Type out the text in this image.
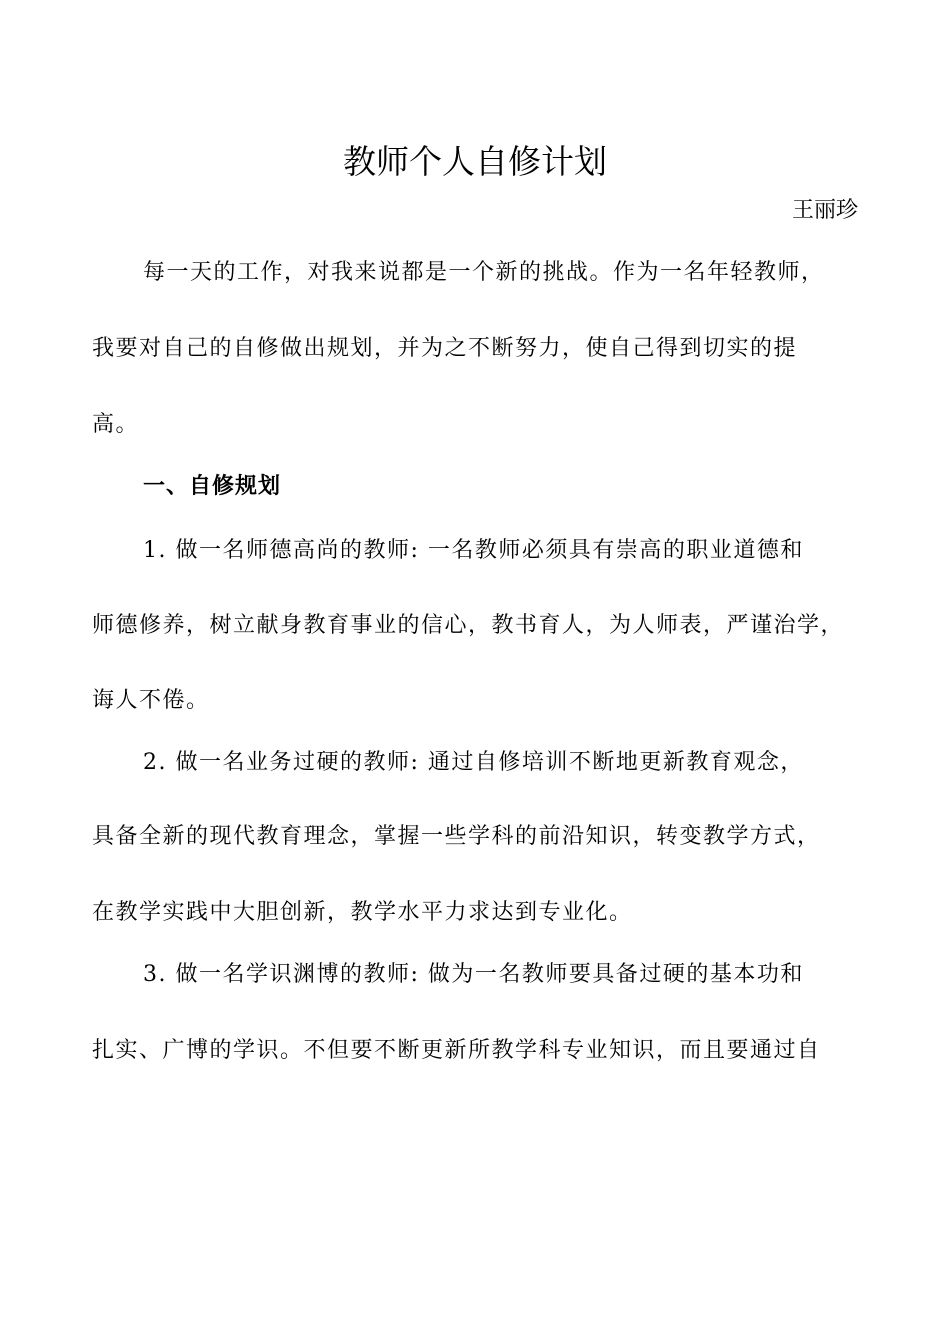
教师个人自修计划
王丽珍
每一天的工作，对我来说都是一个新的挑战。作为一名年轻教师，
我要对自己的自修做出规划，并为之不断努力，使自己得到切实的提
高。
一、自修规划
1. 做一名师德高尚的教师: 一名教师必须具有崇高的职业道德和
师德修养，树立献身教育事业的信心，教书育人，为人师表，严谨治学，
诲人不倦。
2. 做一名业务过硬的教师: 通过自修培训不断地更新教育观念，
具备全新的现代教育理念，掌握一些学科的前沿知识，转变教学方式，
在教学实践中大胆创新，教学水平力求达到专业化。
3. 做一名学识渊博的教师: 做为一名教师要具备过硬的基本功和
扎实、广博的学识。不但要不断更新所教学科专业知识，而且要通过自
